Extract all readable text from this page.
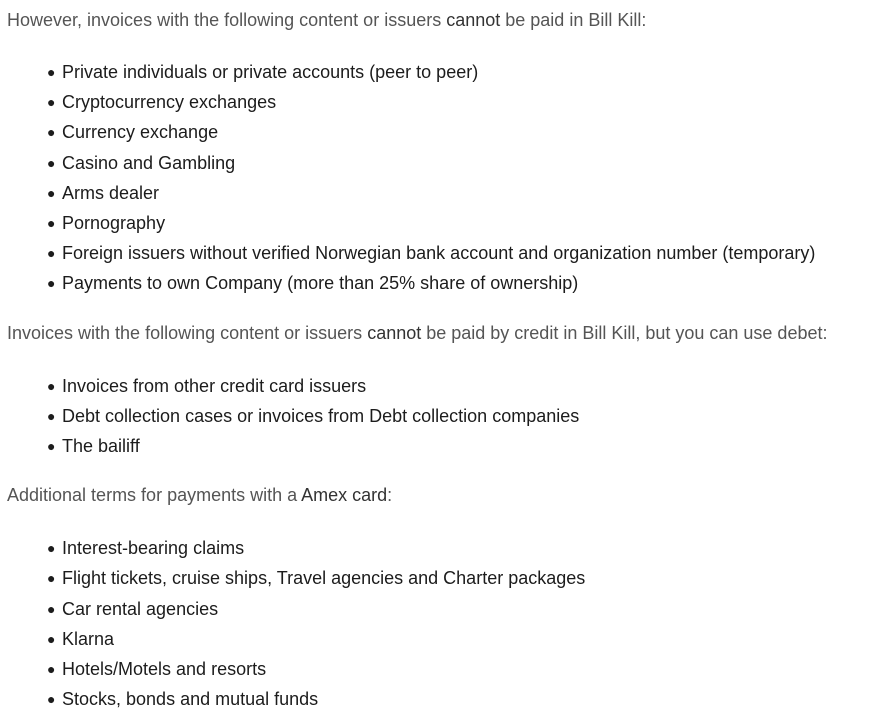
However, invoices with the following content or issuers cannot be paid in Bill Kill:

● Private individuals or private accounts (peer to peer)
● Cryptocurrency exchanges
● Currency exchange
● Casino and Gambling
● Arms dealer
● Pornography
● Foreign issuers without verified Norwegian bank account and organization number (temporary)
● Payments to own Company (more than 25% share of ownership)

Invoices with the following content or issuers cannot be paid by credit in Bill Kill, but you can use debet:

● Invoices from other credit card issuers
● Debt collection cases or invoices from Debt collection companies
● The bailiff

Additional terms for payments with a Amex card:

● Interest-bearing claims
● Flight tickets, cruise ships, Travel agencies and Charter packages
● Car rental agencies
● Klarna
● Hotels/Motels and resorts
● Stocks, bonds and mutual funds
